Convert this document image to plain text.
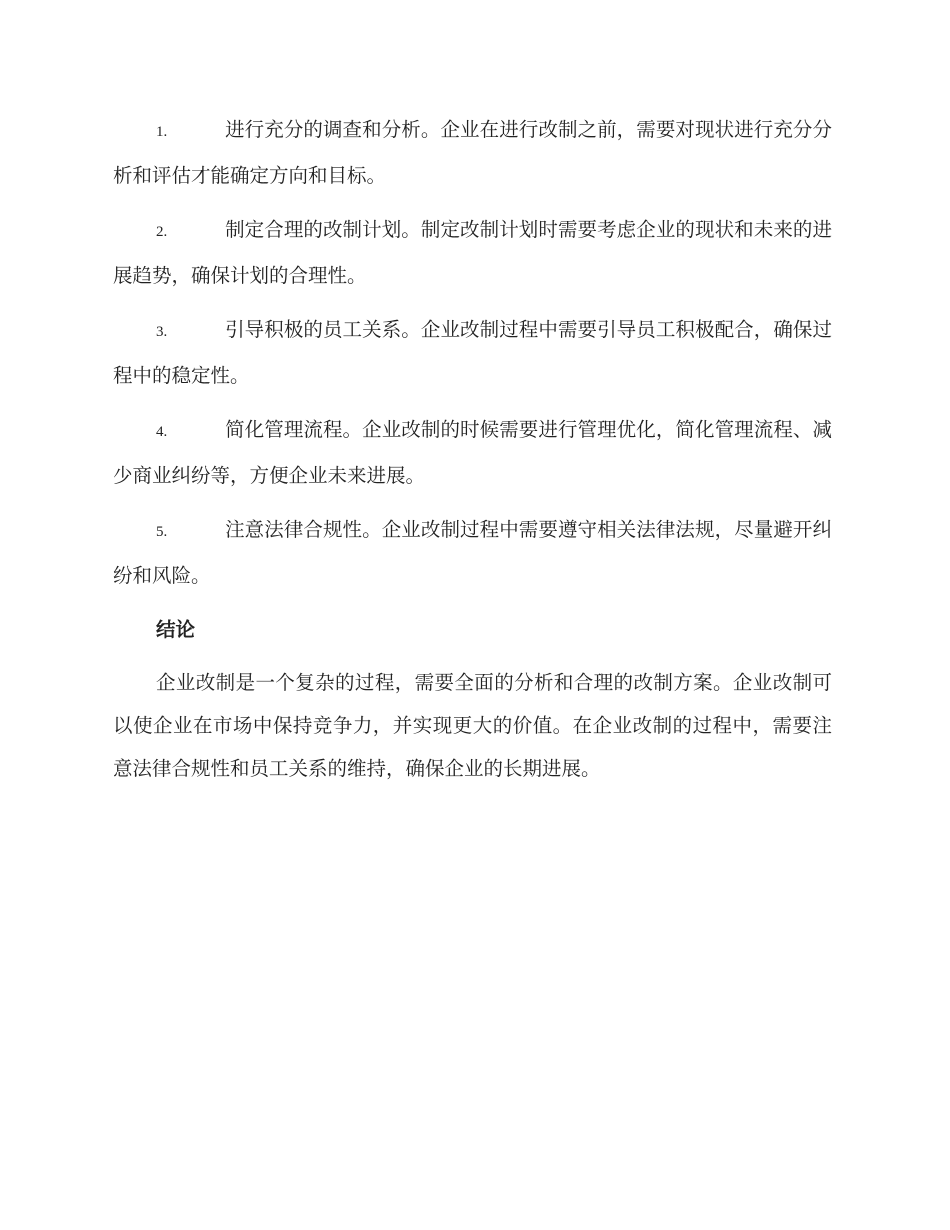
1.	进行充分的调查和分析。企业在进行改制之前，需要对现状进行充分分析和评估才能确定方向和目标。
2.	制定合理的改制计划。制定改制计划时需要考虑企业的现状和未来的进展趋势，确保计划的合理性。
3.	引导积极的员工关系。企业改制过程中需要引导员工积极配合，确保过程中的稳定性。
4.	简化管理流程。企业改制的时候需要进行管理优化，简化管理流程、减少商业纠纷等，方便企业未来进展。
5.	注意法律合规性。企业改制过程中需要遵守相关法律法规，尽量避开纠纷和风险。
结论

企业改制是一个复杂的过程，需要全面的分析和合理的改制方案。企业改制可以使企业在市场中保持竞争力，并实现更大的价值。在企业改制的过程中，需要注意法律合规性和员工关系的维持，确保企业的长期进展。
